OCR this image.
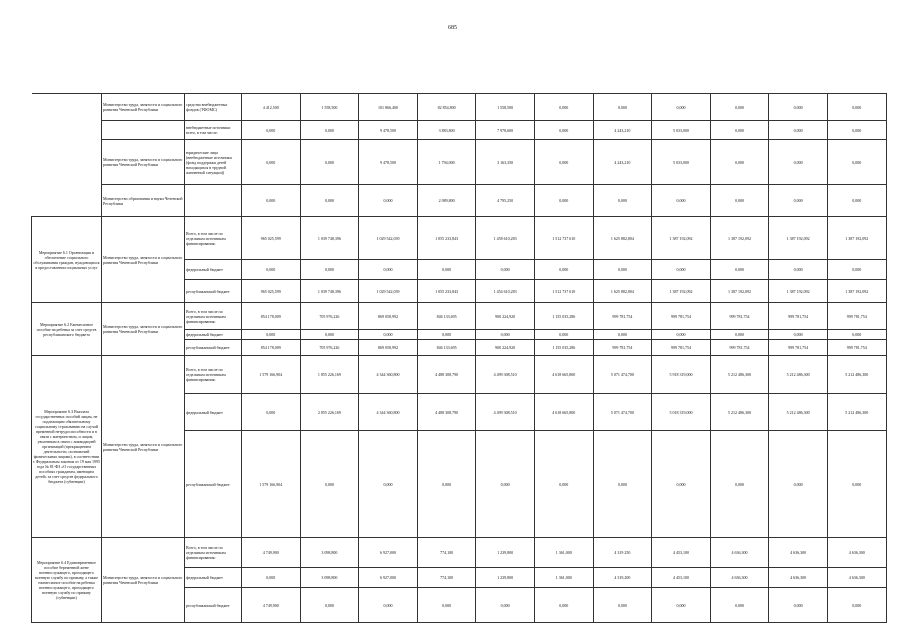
685
	Министерство труда, занятости и социального развития Чеченской Республики	средства внебюджетных фондов (ТФОМС)	4 412,500	1 558,500	101 866,400	82 854,800	1 558,500	0,000	0,000	0,000	0,000	0,000	0,000
		внебюджетные источники всего, в том числе:	0,000	0,000	9 478,500	3 883,800	7 978,600	0,000	4 243,210	5 033,000	0,000	0,000	0,000
	Министерство труда, занятости и социального развития Чеченской Республики	юридические лица (внебюджетные источники (фонд поддержки детей находящихся в трудной жизненной ситуации))	0,000	0,000	9 478,500	1 794,000	3 163,350	0,000	4 243,210	5 033,000	0,000	0,000	0,000
	Министерство образования и науки Чеченской Республики		0,000	0,000	0,000	2 089,800	4 795,250	0,000	0,000	0,000	0,000	0,000	0,000
Мероприятие 6.1 Организация и обеспечение социального обслуживания граждан, нуждающихся в предоставлении социальных услуг	Министерство труда, занятости и социального развития Чеченской Республики	Всего, в том числе по отдельным источникам финансирования:	965 025,599	1 039 748,396	1 029 542,039	1 055 233,843	1 458 610,283	1 512 737 610	1 625 882,804	1 387 192,092	1 387 192,092	1 387 192,092	1 387 192,092
		федеральный бюджет	0,000	0,000	0,000	0,000	0,000	0,000	0,000	0,000	0,000	0,000	0,000
		республиканский бюджет	965 025,599	1 039 748,396	1 029 542,039	1 055 233,843	1 454 610,283	1 512 737 610	1 625 882,804	1 387 192,092	1 387 192,092	1 387 192,092	1 387 192,092
Мероприятие 6.2 Ежемесячное пособие на ребенка за счет средств республиканского бюджета	Министерство труда, занятости и социального развития Чеченской Республики	Всего, в том числе по отдельным источникам финансирования:	854 178,009	705 976,226	869 058,992	846 133,695	900 224,920	1 155 035,286	999 781,754	999 781,754	999 781,754	999 781,754	999 781,754
		федеральный бюджет	0,000	0,000	0,000	0,000	0,000	0,000	0,000	0,000	0,000	0,000	0,000
		республиканский бюджет	854 178,009	705 976,226	869 058,992	846 133,695	900 224,920	1 155 035,286	999 781,754	999 781,754	999 781,754	999 781,754	999 781,754
Мероприятие 6.3 Выплата государственных пособий лицам, не подлежащим обязательному социальному страхованию на случай временной нетрудоспособности и в связи с материнством, и лицам, уволенным в связи с ликвидацией организаций (прекращением деятельности, полномочий физическими лицами), в соответствии с Федеральным законом от 19 мая 1995 года № 81-ФЗ «О государственных пособиях гражданам, имеющим детей» за счет средств федерального бюджета (субвенции)	Министерство труда, занятости и социального развития Чеченской Республики	Всего, в том числе по отдельным источникам финансирования:	1 579 166,904	1 855 226,169	4 344 360,800	4 488 308,790	4 499 308,510	4 618 665,800	5 071 474,700	5 918 319,000	5 212 486,300	5 212 486,300	5 212 486,300
		федеральный бюджет	0,000	2 855 226,169	4 344 360,800	4 488 308,790	4 499 308,510	4 618 665,800	5 071 474,700	5 018 319,000	5 212 486,300	5 212 486,300	5 212 486,300
		республиканский бюджет	1 579 166,904	0,000	0,000	0,000	0,000	0,000	0,000	0,000	0,000	0,000	0,000
Мероприятие 6.4 Единовременное пособие беременной жене военнослужащего, проходящего военную службу по призыву, а также ежемесячное пособие на ребенка военнослужащего, проходящего военную службу по призыву (субвенции)	Министерство труда, занятости и социального развития Чеченской Республики	Всего, в том числе по отдельным источникам финансирования:	4 749,900	3 098,800	6 927,000	774,100	1 239,800	1 361,000	4 319 250	4 453,100	4 636,300	4 636,300	4 636,300
		федеральный бюджет	0,000	3 098,800	6 927,000	774,100	1 239,800	1 361,000	4 319,200	4 453,100	4 636,300	4 636,300	4 636,300
		республиканский бюджет	4 749,900	0,000	0,000	0,000	0,000	0,000	0,000	0,000	0,000	0,000	0,000
